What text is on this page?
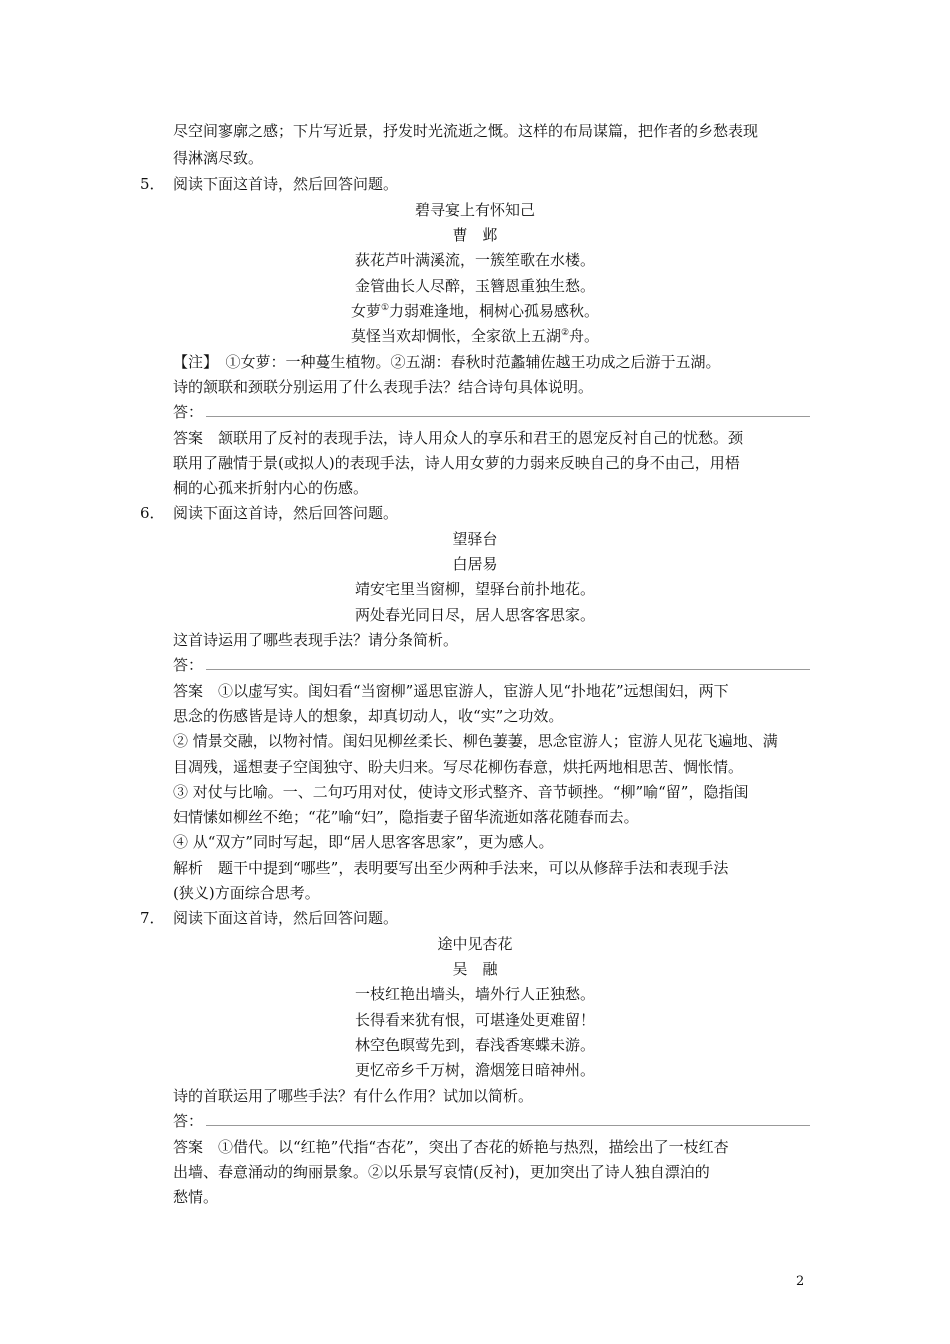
尽空间寥廓之感；下片写近景，抒发时光流逝之慨。这样的布局谋篇，把作者的乡愁表现
得淋漓尽致。
5． 阅读下面这首诗，然后回答问题。
碧寻宴上有怀知己
曹　邺
荻花芦叶满溪流，一簇笙歌在水楼。
金管曲长人尽醉，玉簪恩重独生愁。
女萝①力弱难逢地，桐树心孤易感秋。
莫怪当欢却惆怅，全家欲上五湖②舟。
【注】　①女萝：一种蔓生植物。②五湖：春秋时范蠡辅佐越王功成之后游于五湖。
诗的颔联和颈联分别运用了什么表现手法？结合诗句具体说明。
答：
答案　颔联用了反衬的表现手法，诗人用众人的享乐和君王的恩宠反衬自己的忧愁。颈
联用了融情于景(或拟人)的表现手法，诗人用女萝的力弱来反映自己的身不由己，用梧
桐的心孤来折射内心的伤感。
6． 阅读下面这首诗，然后回答问题。
望驿台
白居易
靖安宅里当窗柳，望驿台前扑地花。
两处春光同日尽，居人思客客思家。
这首诗运用了哪些表现手法？请分条简析。
答：
答案　①以虚写实。闺妇看“当窗柳”遥思宦游人，宦游人见“扑地花”远想闺妇，两下
思念的伤感皆是诗人的想象，却真切动人，收“实”之功效。
② 情景交融，以物衬情。闺妇见柳丝柔长、柳色萋萋，思念宦游人；宦游人见花飞遍地、满
目凋残，遥想妻子空闺独守、盼夫归来。写尽花柳伤春意，烘托两地相思苦、惆怅情。
③ 对仗与比喻。一、二句巧用对仗，使诗文形式整齐、音节顿挫。“柳”喻“留”，隐指闺
妇情愫如柳丝不绝；“花”喻“妇”，隐指妻子留华流逝如落花随春而去。
④ 从“双方”同时写起，即“居人思客客思家”，更为感人。
解析　题干中提到“哪些”，表明要写出至少两种手法来，可以从修辞手法和表现手法
(狭义)方面综合思考。
7． 阅读下面这首诗，然后回答问题。
途中见杏花
吴　融
一枝红艳出墙头，墙外行人正独愁。
长得看来犹有恨，可堪逢处更难留！
林空色暝莺先到，春浅香寒蝶未游。
更忆帝乡千万树，澹烟笼日暗神州。
诗的首联运用了哪些手法？有什么作用？试加以简析。
答：
答案　①借代。以“红艳”代指“杏花”，突出了杏花的娇艳与热烈，描绘出了一枝红杏
出墙、春意涌动的绚丽景象。②以乐景写哀情(反衬)，更加突出了诗人独自漂泊的
愁情。
2
